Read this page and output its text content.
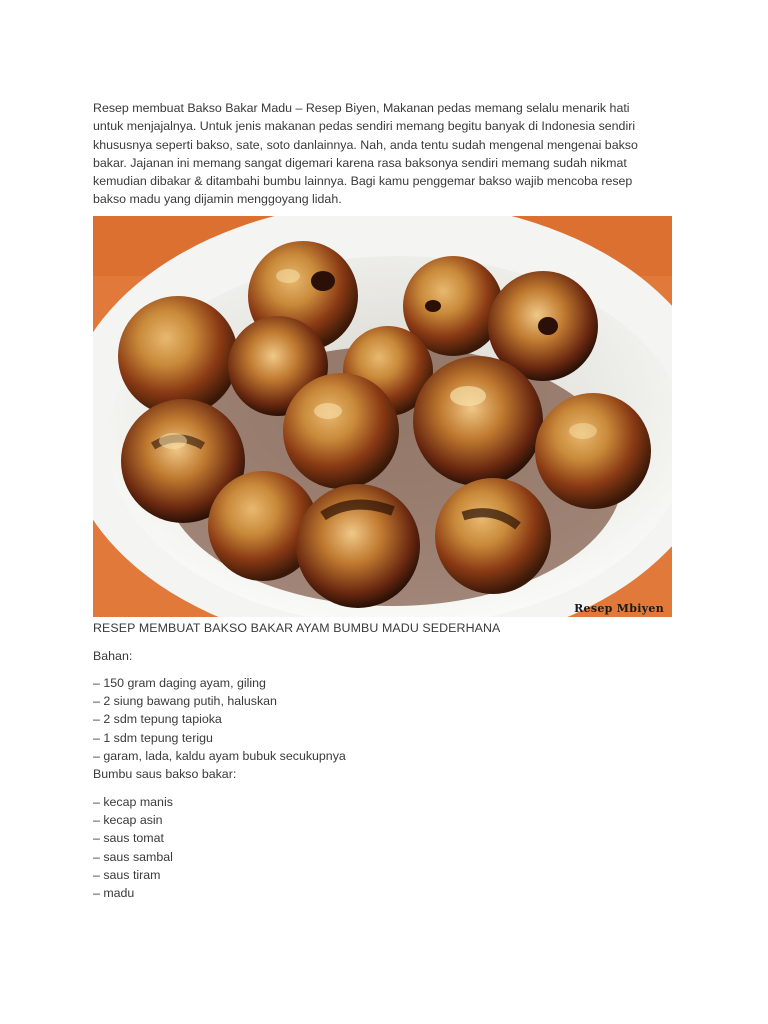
Resep membuat Bakso Bakar Madu – Resep Biyen, Makanan pedas memang selalu menarik hati
untuk menjajalnya. Untuk jenis makanan pedas sendiri memang begitu banyak di Indonesia sendiri
khususnya seperti bakso, sate, soto danlainnya. Nah, anda tentu sudah mengenal mengenai bakso
bakar. Jajanan ini memang sangat digemari karena rasa baksonya sendiri memang sudah nikmat
kemudian dibakar & ditambahi bumbu lainnya. Bagi kamu penggemar bakso wajib mencoba resep
bakso madu yang dijamin menggoyang lidah.

Resep Mbiyen

RESEP MEMBUAT BAKSO BAKAR AYAM BUMBU MADU SEDERHANA

Bahan:

– 150 gram daging ayam, giling
– 2 siung bawang putih, haluskan
– 2 sdm tepung tapioka
– 1 sdm tepung terigu
– garam, lada, kaldu ayam bubuk secukupnya

Bumbu saus bakso bakar:

– kecap manis
– kecap asin
– saus tomat
– saus sambal
– saus tiram
– madu
